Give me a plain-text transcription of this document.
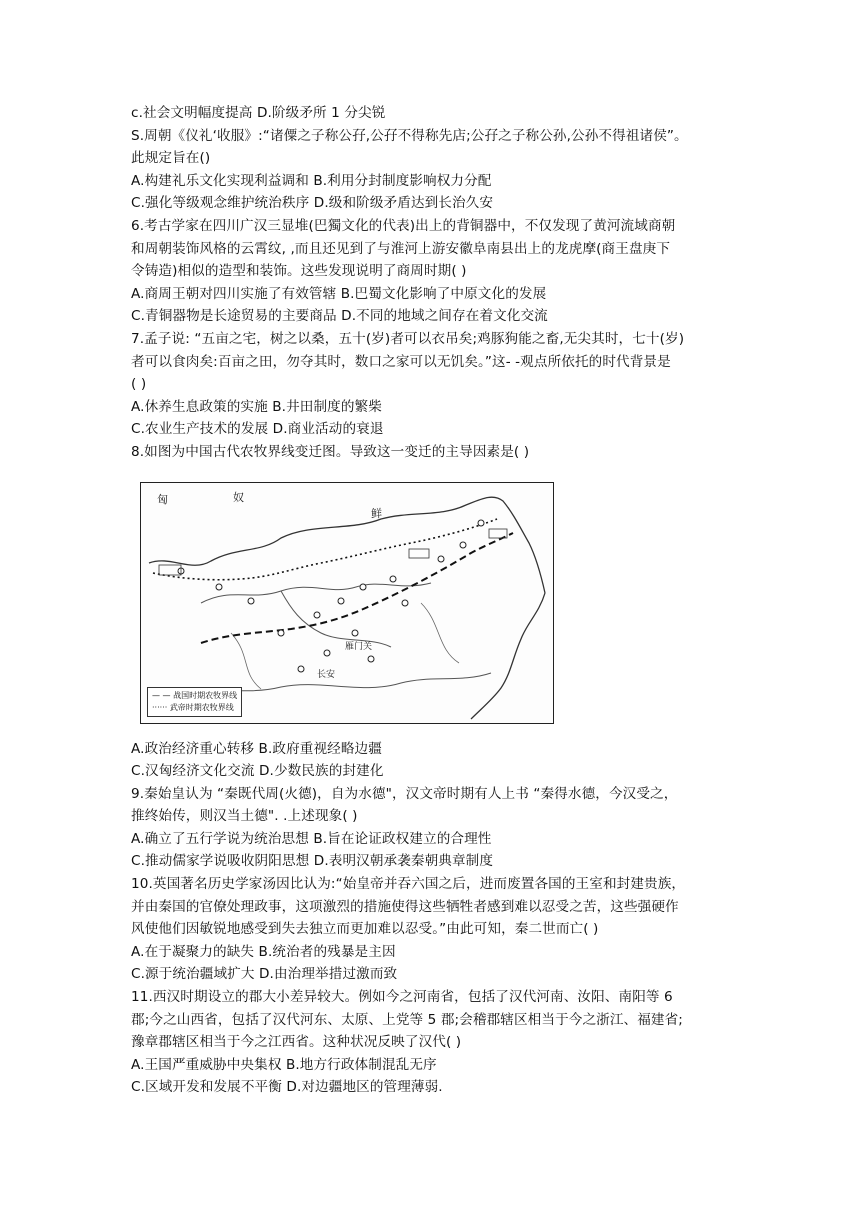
c.社会文明幅度提高 D.阶级矛所 1 分尖锐
S.周朝《仪礼‘收服》:“诸僳之子称公孖,公孖不得称先店;公孖之子称公孙,公孙不得祖诸侯”。
此规定旨在()
A.构建礼乐文化实现利益调和 B.利用分封制度影响权力分配
C.强化等级观念维护统治秩序 D.级和阶级矛盾达到长治久安
6.考古学家在四川广汉三显堆(巴獨文化的代表)出上的背铜器中，不仅发现了黄河流域商朝
和周朝装饰风格的云霄纹, ,而且还见到了与淮河上游安徽阜南县出上的龙虎摩(商王盘庚下
令铸造)相似的造型和装饰。这些发现说明了商周时期( )
A.商周王朝对四川实施了有效管辖 B.巴蜀文化影响了中原文化的发展
C.青铜器物是长途贸易的主要商品 D.不同的地域之间存在着文化交流
7.孟子说: “五亩之宅，树之以桑，五十(岁)者可以衣吊矣;鸡豚狗能之畜,无尖其时，七十(岁)
者可以食肉矣:百亩之田，勿夺其时，数口之家可以无饥矣。”这- -观点所依托的时代背景是
( )
A.休养生息政策的实施 B.井田制度的繁柴
C.农业生产技术的发展 D.商业活动的衰退
8.如图为中国古代农牧界线变迁图。导致这一变迁的主导因素是( )
匈	奴
鲜
长安
雁门关
— — 战国时期农牧界线
······ 武帝时期农牧界线
A.政治经济重心转移 B.政府重视经略边疆
C.汉匈经济文化交流 D.少数民族的封建化
9.秦始皇认为 “秦既代周(火德)，自为水德"，汉文帝时期有人上书 “秦得水德，今汉受之，
推终始传，则汉当土德". .上述现象( )
A.确立了五行学说为统治思想 B.旨在论证政权建立的合理性
C.推动儒家学说吸收阴阳思想 D.表明汉朝承袭秦朝典章制度
10.英国著名历史学家汤因比认为:“始皇帝并吞六国之后，进而废置各国的王室和封建贵族，
并由秦国的官僚处理政事，这项激烈的措施使得这些牺牲者感到难以忍受之苦，这些强硬作
风使他们因敏锐地感受到失去独立而更加难以忍受。”由此可知，秦二世而亡( )
A.在于凝聚力的缺失 B.统治者的残暴是主因
C.源于统治疆域扩大 D.由治理举措过激而致
11.西汉时期设立的郡大小差异较大。例如今之河南省，包括了汉代河南、汝阳、南阳等 6
郡;今之山西省，包括了汉代河东、太原、上党等 5 郡;会稽郡辖区相当于今之浙江、福建省;
豫章郡辖区相当于今之江西省。这种状况反映了汉代( )
A.王国严重威胁中央集权 B.地方行政体制混乱无序
C.区域开发和发展不平衡 D.对边疆地区的管理薄弱.
